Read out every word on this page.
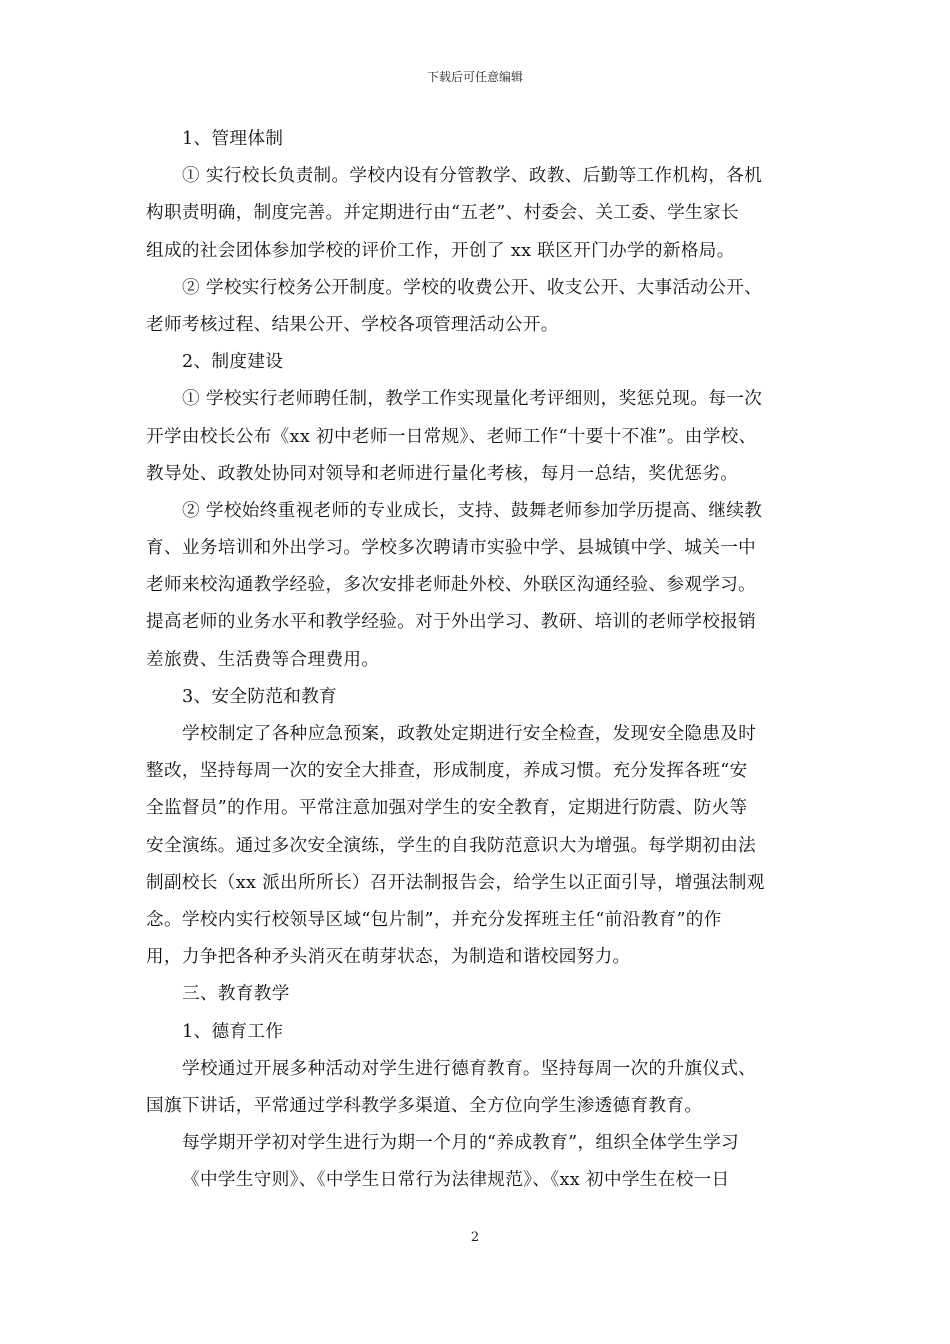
下载后可任意编辑
1、管理体制
① 实行校长负责制。学校内设有分管教学、政教、后勤等工作机构，各机
构职责明确，制度完善。并定期进行由“五老”、村委会、关工委、学生家长
组成的社会团体参加学校的评价工作，开创了 xx 联区开门办学的新格局。
② 学校实行校务公开制度。学校的收费公开、收支公开、大事活动公开、
老师考核过程、结果公开、学校各项管理活动公开。
2、制度建设
① 学校实行老师聘任制，教学工作实现量化考评细则，奖惩兑现。每一次
开学由校长公布《xx 初中老师一日常规》、老师工作“十要十不准”。由学校、
教导处、政教处协同对领导和老师进行量化考核，每月一总结，奖优惩劣。
② 学校始终重视老师的专业成长，支持、鼓舞老师参加学历提高、继续教
育、业务培训和外出学习。学校多次聘请市实验中学、县城镇中学、城关一中
老师来校沟通教学经验，多次安排老师赴外校、外联区沟通经验、参观学习。
提高老师的业务水平和教学经验。对于外出学习、教研、培训的老师学校报销
差旅费、生活费等合理费用。
3、安全防范和教育
学校制定了各种应急预案，政教处定期进行安全检查，发现安全隐患及时
整改，坚持每周一次的安全大排查，形成制度，养成习惯。充分发挥各班“安
全监督员”的作用。平常注意加强对学生的安全教育，定期进行防震、防火等
安全演练。通过多次安全演练，学生的自我防范意识大为增强。每学期初由法
制副校长（xx 派出所所长）召开法制报告会，给学生以正面引导，增强法制观
念。学校内实行校领导区域“包片制”，并充分发挥班主任“前沿教育”的作
用，力争把各种矛头消灭在萌芽状态，为制造和谐校园努力。
三、教育教学
1、德育工作
学校通过开展多种活动对学生进行德育教育。坚持每周一次的升旗仪式、
国旗下讲话，平常通过学科教学多渠道、全方位向学生渗透德育教育。
每学期开学初对学生进行为期一个月的“养成教育”，组织全体学生学习
《中学生守则》、《中学生日常行为法律规范》、《xx 初中学生在校一日
2
